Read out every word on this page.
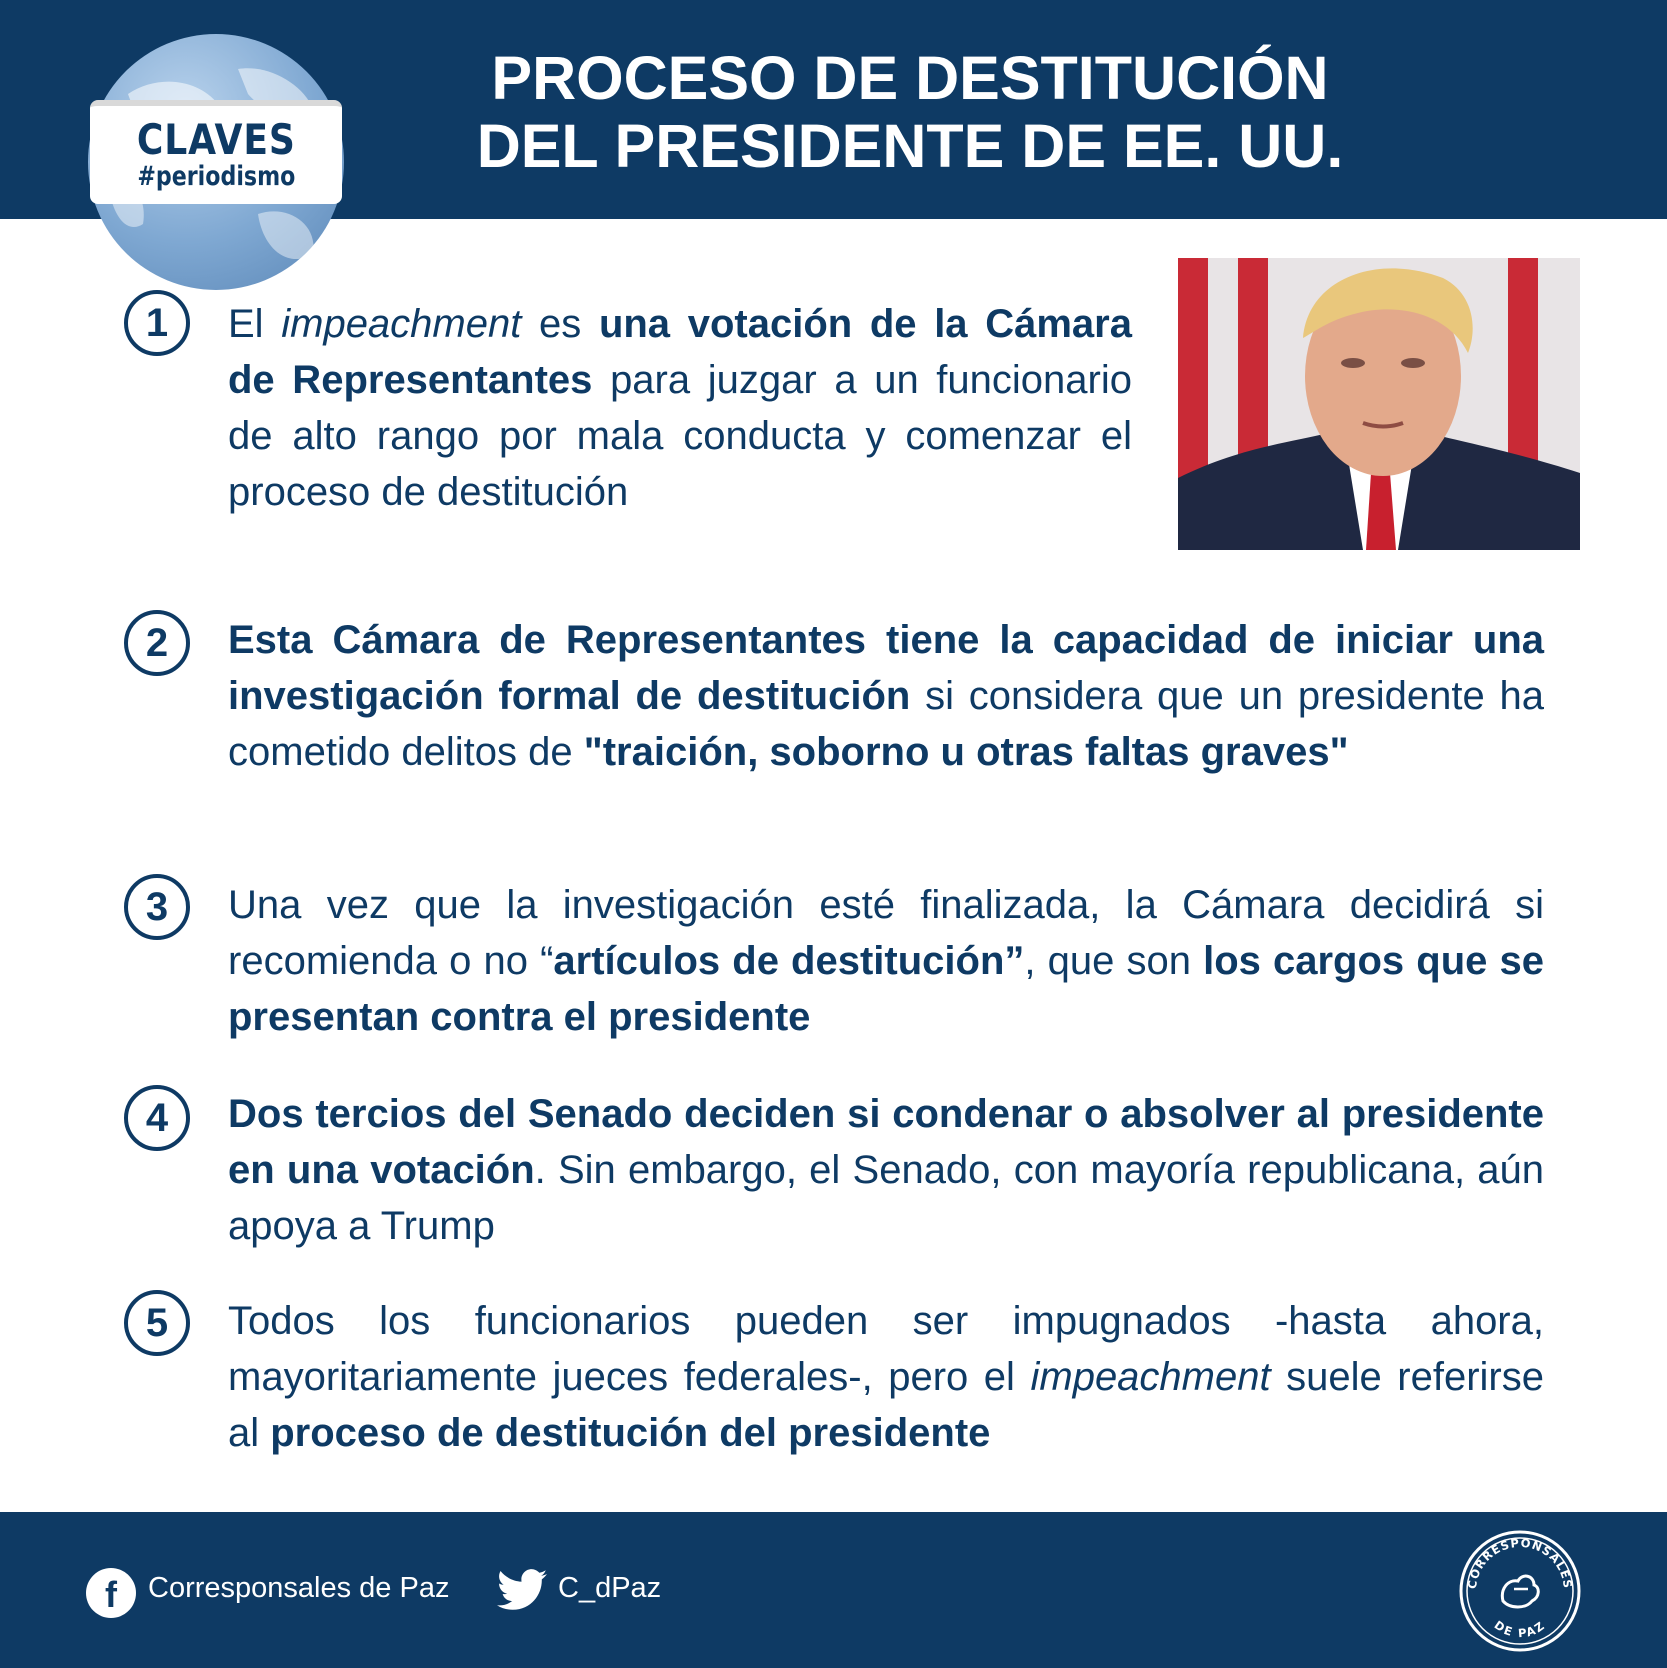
CLAVES
#periodismo
PROCESO DE DESTITUCIÓN
DEL PRESIDENTE DE EE. UU.
1	El impeachment es una votación de la Cámara de Representantes para juzgar a un funcionario de alto rango por mala conducta y comenzar el proceso de destitución
2	Esta Cámara de Representantes tiene la capacidad de iniciar una investigación formal de destitución si considera que un presidente ha cometido delitos de "traición, soborno u otras faltas graves"
3	Una vez que la investigación esté finalizada, la Cámara decidirá si recomienda o no “artículos de destitución”, que son los cargos que se presentan contra el presidente
4	Dos tercios del Senado deciden si condenar o absolver al presidente en una votación. Sin embargo, el Senado, con mayoría republicana, aún apoya a Trump
5	Todos los funcionarios pueden ser impugnados -hasta ahora, mayoritariamente jueces federales-, pero el impeachment suele referirse al proceso de destitución del presidente
f	Corresponsales de Paz	C_dPaz	CORRESPONSALES
DE PAZ
